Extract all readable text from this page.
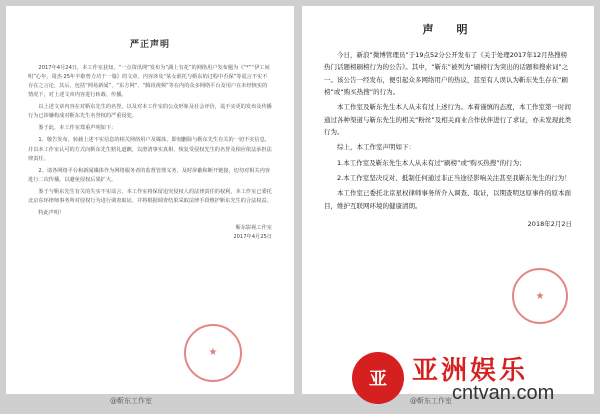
严正声明

2017年4月24日，本工作室获知，“一点资讯网”发布为“湖上有花”的网络用户发布题为《“*”“伊工间明”心年，周杰·25年半歇势力功干一篇》的文章，内容涉及“某女谁托与靳东的过程中否保”等谎言不实不存在之言论，其后，包括“网易新闻”、“东方网”、“腾讯视频”等在内的众多网络平台及用户在未经核实的情况下，对上述文章内容进行转载、传播。

以上述文章内容在对靳东先生的名誉，以及对本工作室的公众形象及社会评价，谎不实更的发布及传播行为已涉嫌构成对靳东先生名誉权的严重侵犯。

鉴于此，本工作室郑重声明如下：

1、敬告发布、转载上述不实信息的相关网络用户及媒体，即刻删除与靳东先生有关的一切不实信息，并以本工作室认可的方式向靳东先生赔礼道歉，以澄清事实真相、恢复受侵权先生的名誉及相应依法承担法律责任。

2、请各网络平台和新闻媒体作为网络服务者的监督管理义务，及时屏蔽和断开链接，切勿对相关内容进行二次传播，以避免侵权后果扩大。

鉴于与靳东先生有关的失实不实谣言，本工作室将保留追究侵权人的法律责任的权利，本工作室已委托北京东环律师事务所对侵权行为进行调查取证，并将根据调查结果采取法律手段维护靳东先生的合法权益。

特此声明！

靳东影视工作室
2017年4月25日
★
声　明

今日，新浪“微博管理员”于19点52分公开发布了《关于处理2017年12月热搜榜热门话题榜刷榜行为的公告》。其中，“靳东”被列为“刷榜行为突出的话题和搜索词”之一。该公告一经发布，便引起众多网络用户的热议，甚至有人误认为靳东先生存在“刷榜”或“购买热搜”的行为。

本工作室及靳东先生本人从未有过上述行为。本着谨慎的态度，本工作室第一时间通过各种渠道与靳东先生的相关“粉丝”及相关商业合作伙伴进行了求证，亦未发现此类行为。

综上，本工作室声明如下：

1.本工作室及靳东先生本人从未有过“刷榜”或“购买热搜”的行为；

2.本工作室坚决反对、抵制任何通过非正当途径影响关注甚至我靳东先生的行为！

本工作室已委托北京星权律师事务所介入调查、取证，以期查明这原事件的原本面目，维护互联网环境的健康清朗。

2018年2月2日
★
@靳东工作室	@靳东工作室
亚 亚洲娱乐
cntvan.com
